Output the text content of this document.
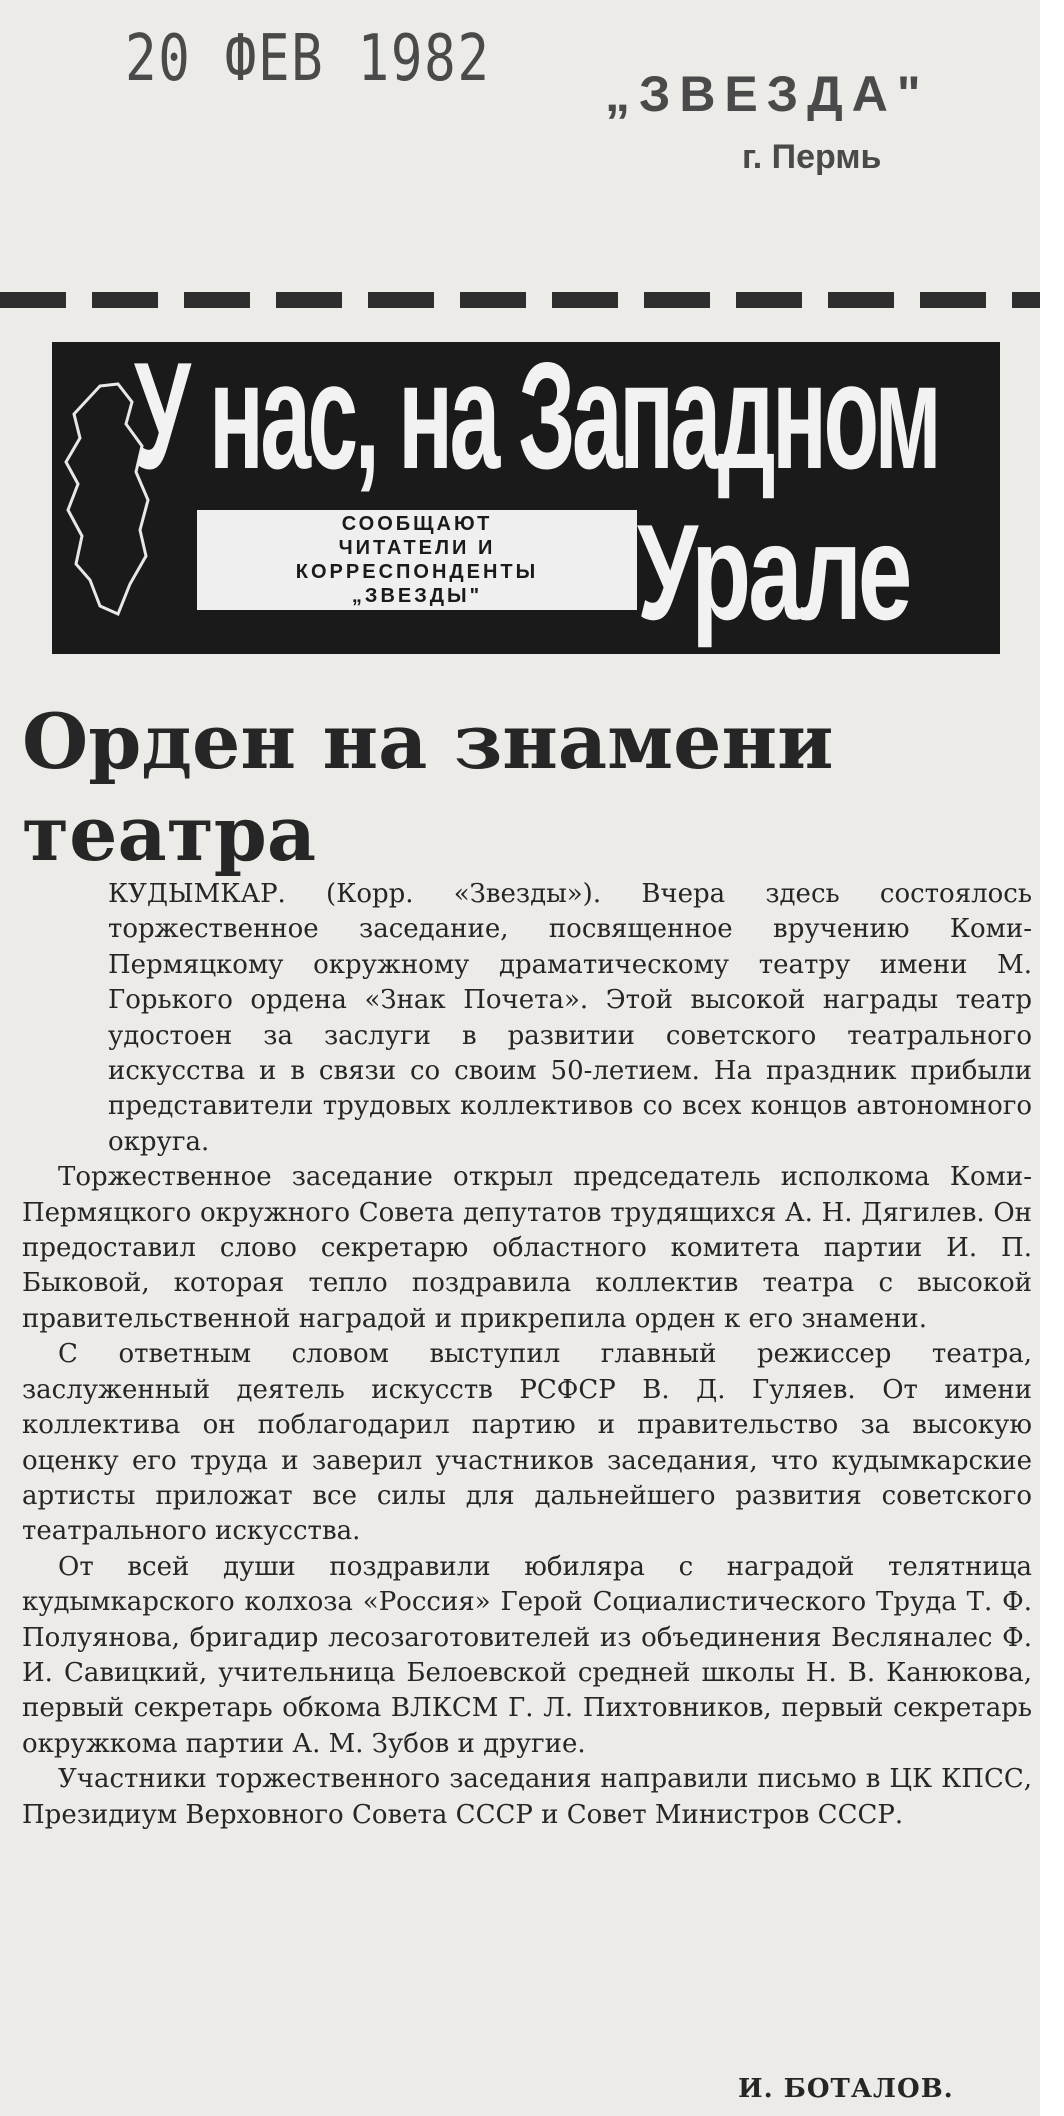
20 ФЕВ 1982 „ЗВЕЗДА"
г. Пермь
У нас, на Западном
СООБЩАЮТ
ЧИТАТЕЛИ И
КОРРЕСПОНДЕНТЫ
„ЗВЕЗДЫ" Урале
Орден на знамени
театра

КУДЫМКАР. (Корр. «Звезды»). Вчера здесь состоялось торжественное заседание, посвященное вручению Коми-Пермяцкому окружному драматическому театру имени М. Горького ордена «Знак Почета». Этой высокой награды театр удостоен за заслуги в развитии советского театрального искусства и в связи со своим 50-летием. На праздник прибыли представители трудовых коллективов со всех концов автономного округа.

Торжественное заседание открыл председатель исполкома Коми-Пермяцкого окружного Совета депутатов трудящихся А. Н. Дягилев. Он предоставил слово секретарю областного комитета партии И. П. Быковой, которая тепло поздравила коллектив театра с высокой правительственной наградой и прикрепила орден к его знамени.

С ответным словом выступил главный режиссер театра, заслуженный деятель искусств РСФСР В. Д. Гуляев. От имени коллектива он поблагодарил партию и правительство за высокую оценку его труда и заверил участников заседания, что кудымкарские артисты приложат все силы для дальнейшего развития советского театрального искусства.

От всей души поздравили юбиляра с наградой телятница кудымкарского колхоза «Россия» Герой Социалистического Труда Т. Ф. Полуянова, бригадир лесозаготовителей из объединения Весляналес Ф. И. Савицкий, учительница Белоевской средней школы Н. В. Канюкова, первый секретарь обкома ВЛКСМ Г. Л. Пихтовников, первый секретарь окружкома партии А. М. Зубов и другие.

Участники торжественного заседания направили письмо в ЦК КПСС, Президиум Верховного Совета СССР и Совет Министров СССР.

И. БОТАЛОВ.
